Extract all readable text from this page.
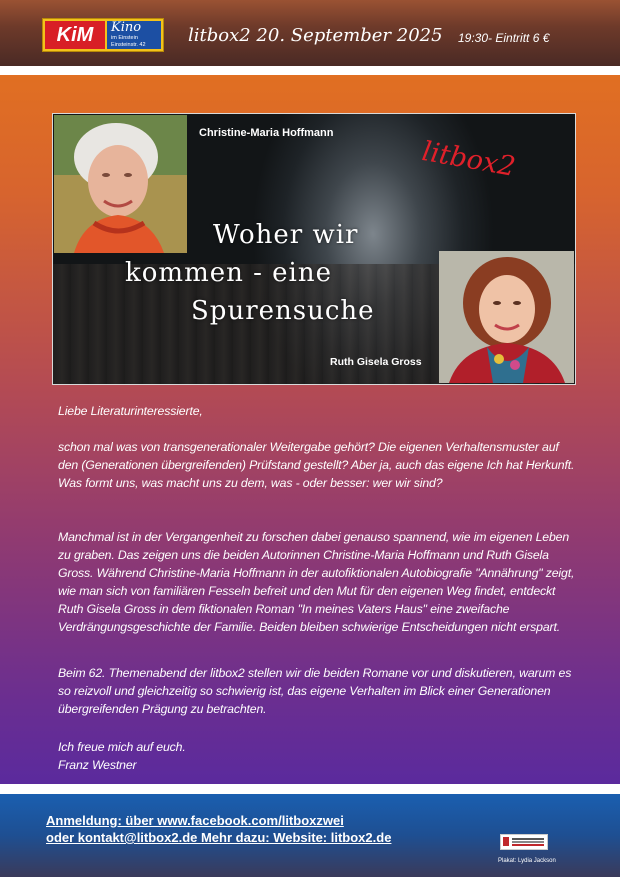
KiM	Kino
im Einstein
Einsteinstr. 42 litbox2 20. September 2025 19:30- Eintritt 6 €
Christine-Maria Hoffmann
litbox2
Woher wir
kommen - eine
Spurensuche
Ruth Gisela Gross

Liebe Literaturinteressierte,

schon mal was von transgenerationaler Weitergabe gehört? Die eigenen Verhaltensmuster auf den (Generationen übergreifenden) Prüfstand gestellt? Aber ja, auch das eigene Ich hat Herkunft. Was formt uns, was macht uns zu dem, was - oder besser: wer wir sind?

Manchmal ist in der Vergangenheit zu forschen dabei genauso spannend, wie im eigenen Leben zu graben. Das zeigen uns die beiden Autorinnen Christine-Maria Hoffmann und Ruth Gisela Gross. Während Christine-Maria Hoffmann in der autofiktionalen Autobiografie "Annährung" zeigt, wie man sich von familiären Fesseln befreit und den Mut für den eigenen Weg findet, entdeckt Ruth Gisela Gross in dem fiktionalen Roman "In meines Vaters Haus" eine zweifache Verdrängungsgeschichte der Familie. Beiden bleiben schwierige Entscheidungen nicht erspart.

Beim 62. Themenabend der litbox2 stellen wir die beiden Romane vor und diskutieren, warum es so reizvoll und gleichzeitig so schwierig ist, das eigene Verhalten im Blick einer Generationen übergreifenden Prägung zu betrachten.

Ich freue mich auf euch.

Franz Westner

Anmeldung: über www.facebook.com/litboxzwei
oder kontakt@litbox2.de Mehr dazu: Website: litbox2.de
Plakat: Lydia Jackson
